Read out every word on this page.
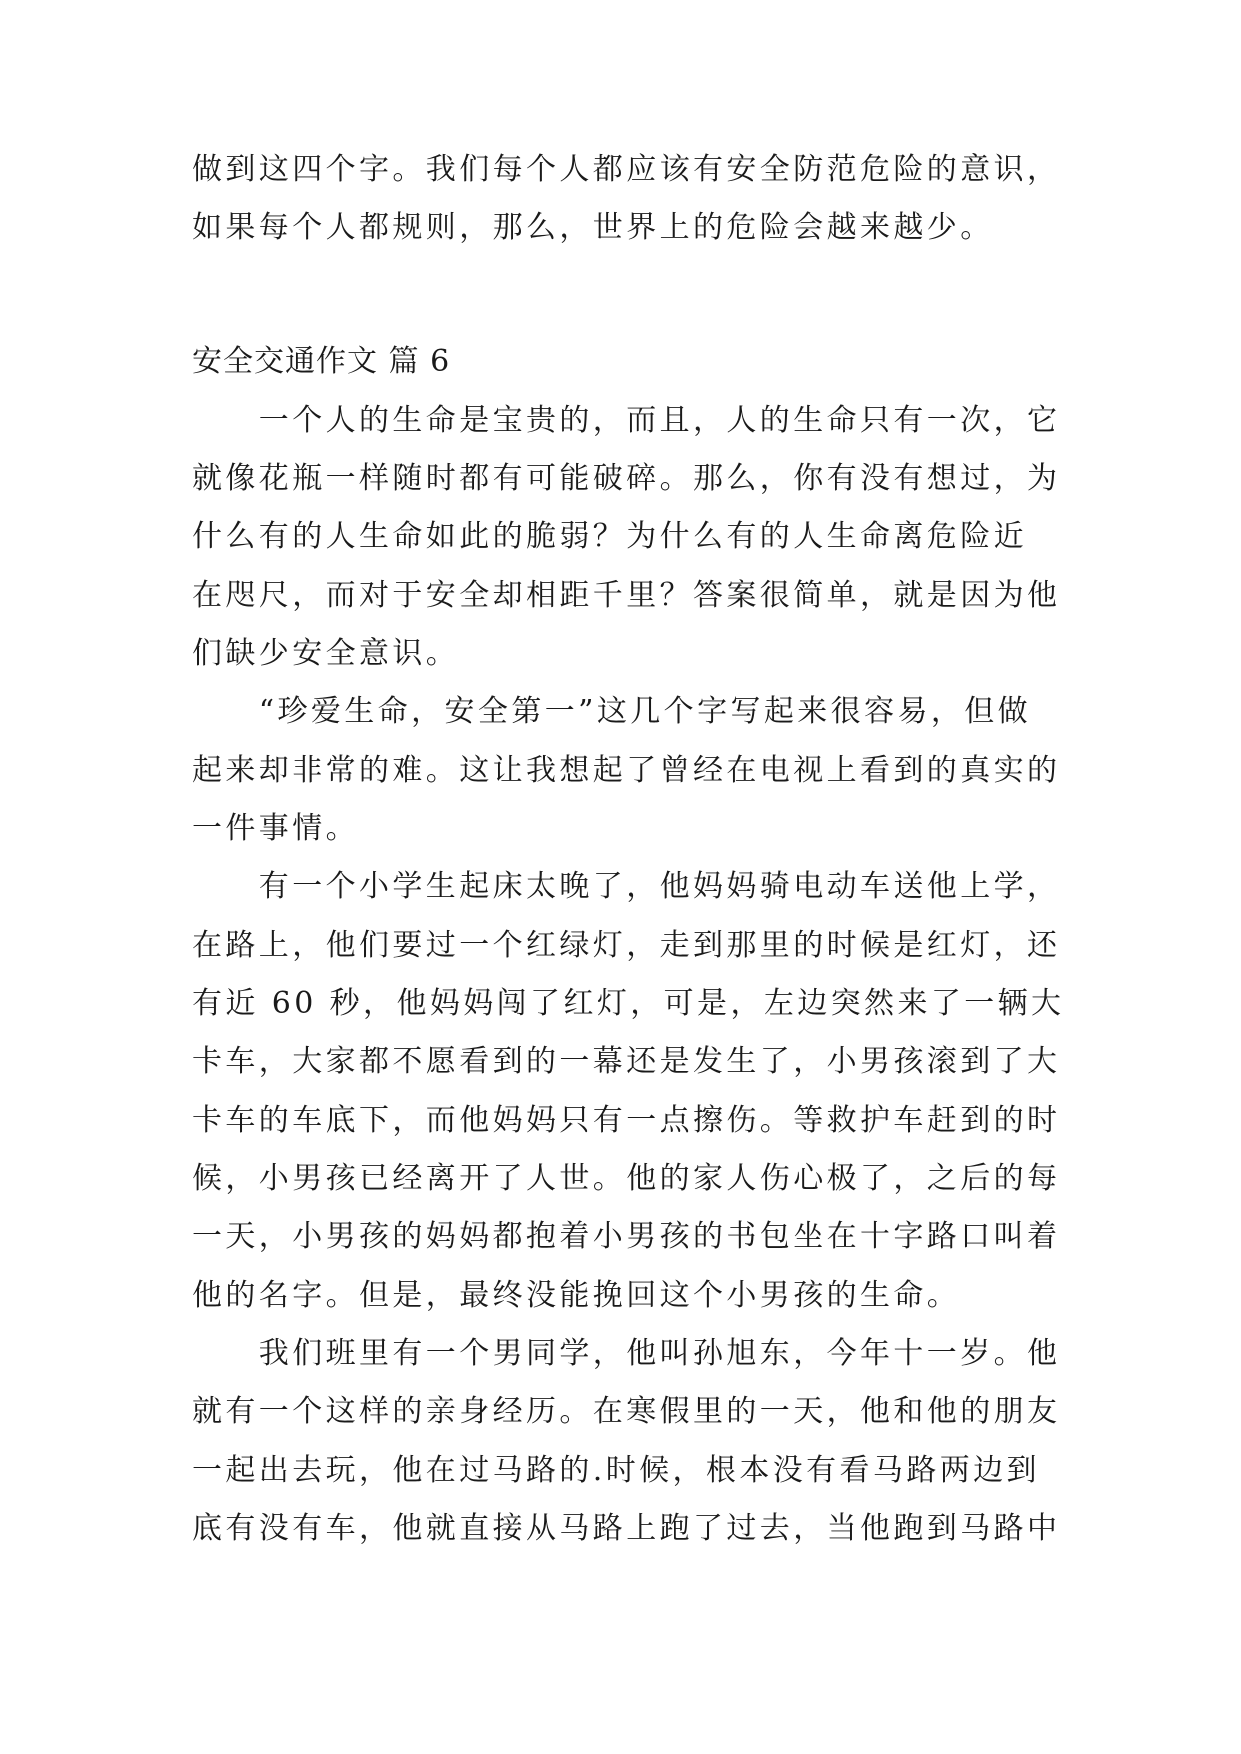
做到这四个字。我们每个人都应该有安全防范危险的意识，
如果每个人都规则，那么，世界上的危险会越来越少。
安全交通作文 篇 6
　　一个人的生命是宝贵的，而且，人的生命只有一次，它
就像花瓶一样随时都有可能破碎。那么，你有没有想过，为
什么有的人生命如此的脆弱？为什么有的人生命离危险近
在咫尺，而对于安全却相距千里？答案很简单，就是因为他
们缺少安全意识。
　　“珍爱生命，安全第一”这几个字写起来很容易，但做
起来却非常的难。这让我想起了曾经在电视上看到的真实的
一件事情。
　　有一个小学生起床太晚了，他妈妈骑电动车送他上学，
在路上，他们要过一个红绿灯，走到那里的时候是红灯，还
有近 60 秒，他妈妈闯了红灯，可是，左边突然来了一辆大
卡车，大家都不愿看到的一幕还是发生了，小男孩滚到了大
卡车的车底下，而他妈妈只有一点擦伤。等救护车赶到的时
候，小男孩已经离开了人世。他的家人伤心极了，之后的每
一天，小男孩的妈妈都抱着小男孩的书包坐在十字路口叫着
他的名字。但是，最终没能挽回这个小男孩的生命。
　　我们班里有一个男同学，他叫孙旭东，今年十一岁。他
就有一个这样的亲身经历。在寒假里的一天，他和他的朋友
一起出去玩，他在过马路的.时候，根本没有看马路两边到
底有没有车，他就直接从马路上跑了过去，当他跑到马路中
